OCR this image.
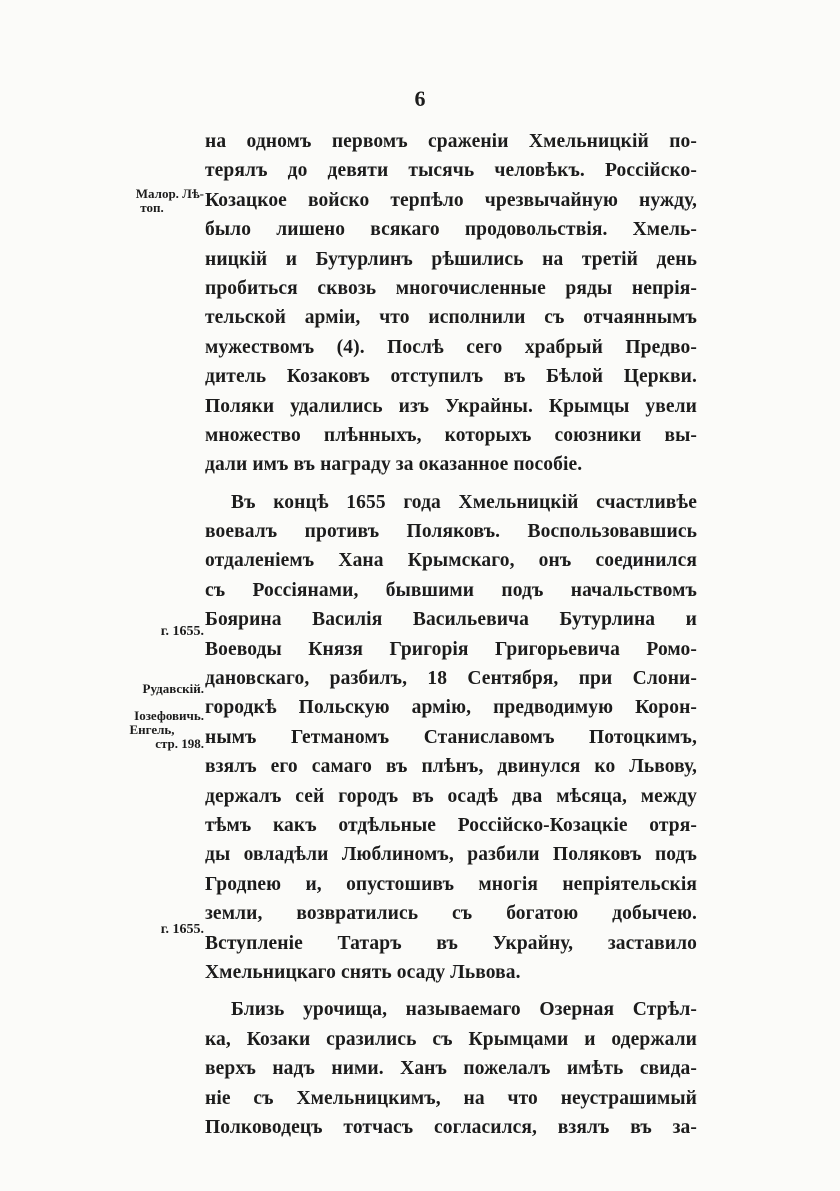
6
Малор. Лѣ-
топ.
г. 1655.
Рудавскій.
Іозефовичь.
Енгель,
стр. 198.
г. 1655.
на одномъ первомъ сраженіи Хмельницкій по-
терялъ до девяти тысячь человѣкъ. Россійско-
Козацкое войско терпѣло чрезвычайную нужду,
было лишено всякаго продовольствія. Хмель-
ницкій и Бутурлинъ рѣшились на третій день
пробиться сквозь многочисленные ряды непрія-
тельской арміи, что исполнили съ отчаяннымъ
мужествомъ (4). Послѣ сего храбрый Предво-
дитель Козаковъ отступилъ въ Бѣлой Церкви.
Поляки удалились изъ Украйны. Крымцы увели
множество плѣнныхъ, которыхъ союзники вы-
дали имъ въ награду за оказанное пособіе.
Въ концѣ 1655 года Хмельницкій счастливѣе
воевалъ противъ Поляковъ. Воспользовавшись
отдаленіемъ Хана Крымскаго, онъ соединился
съ Россіянами, бывшими подъ начальствомъ
Боярина Василія Васильевича Бутурлина и
Воеводы Князя Григорія Григорьевича Ромо-
дановскаго, разбилъ, 18 Сентября, при Слони-
городкѣ Польскую армію, предводимую Корон-
нымъ Гетманомъ Станиславомъ Потоцкимъ,
взялъ его самаго въ плѣнъ, двинулся ко Львову,
держалъ сей городъ въ осадѣ два мѣсяца, между
тѣмъ какъ отдѣльные Россійско-Козацкіе отря-
ды овладѣли Люблиномъ, разбили Поляковъ подъ
Гродnею и, опустошивъ многія непріятельскія
земли, возвратились съ богатою добычею.
Вступленіе Татаръ въ Украйну, заставило
Хмельницкаго снять осаду Львова.
Близь урочища, называемаго Озерная Стрѣл-
ка, Козаки сразились съ Крымцами и одержали
верхъ надъ ними. Ханъ пожелалъ имѣть свида-
ніе съ Хмельницкимъ, на что неустрашимый
Полководецъ тотчасъ согласился, взялъ въ за-
